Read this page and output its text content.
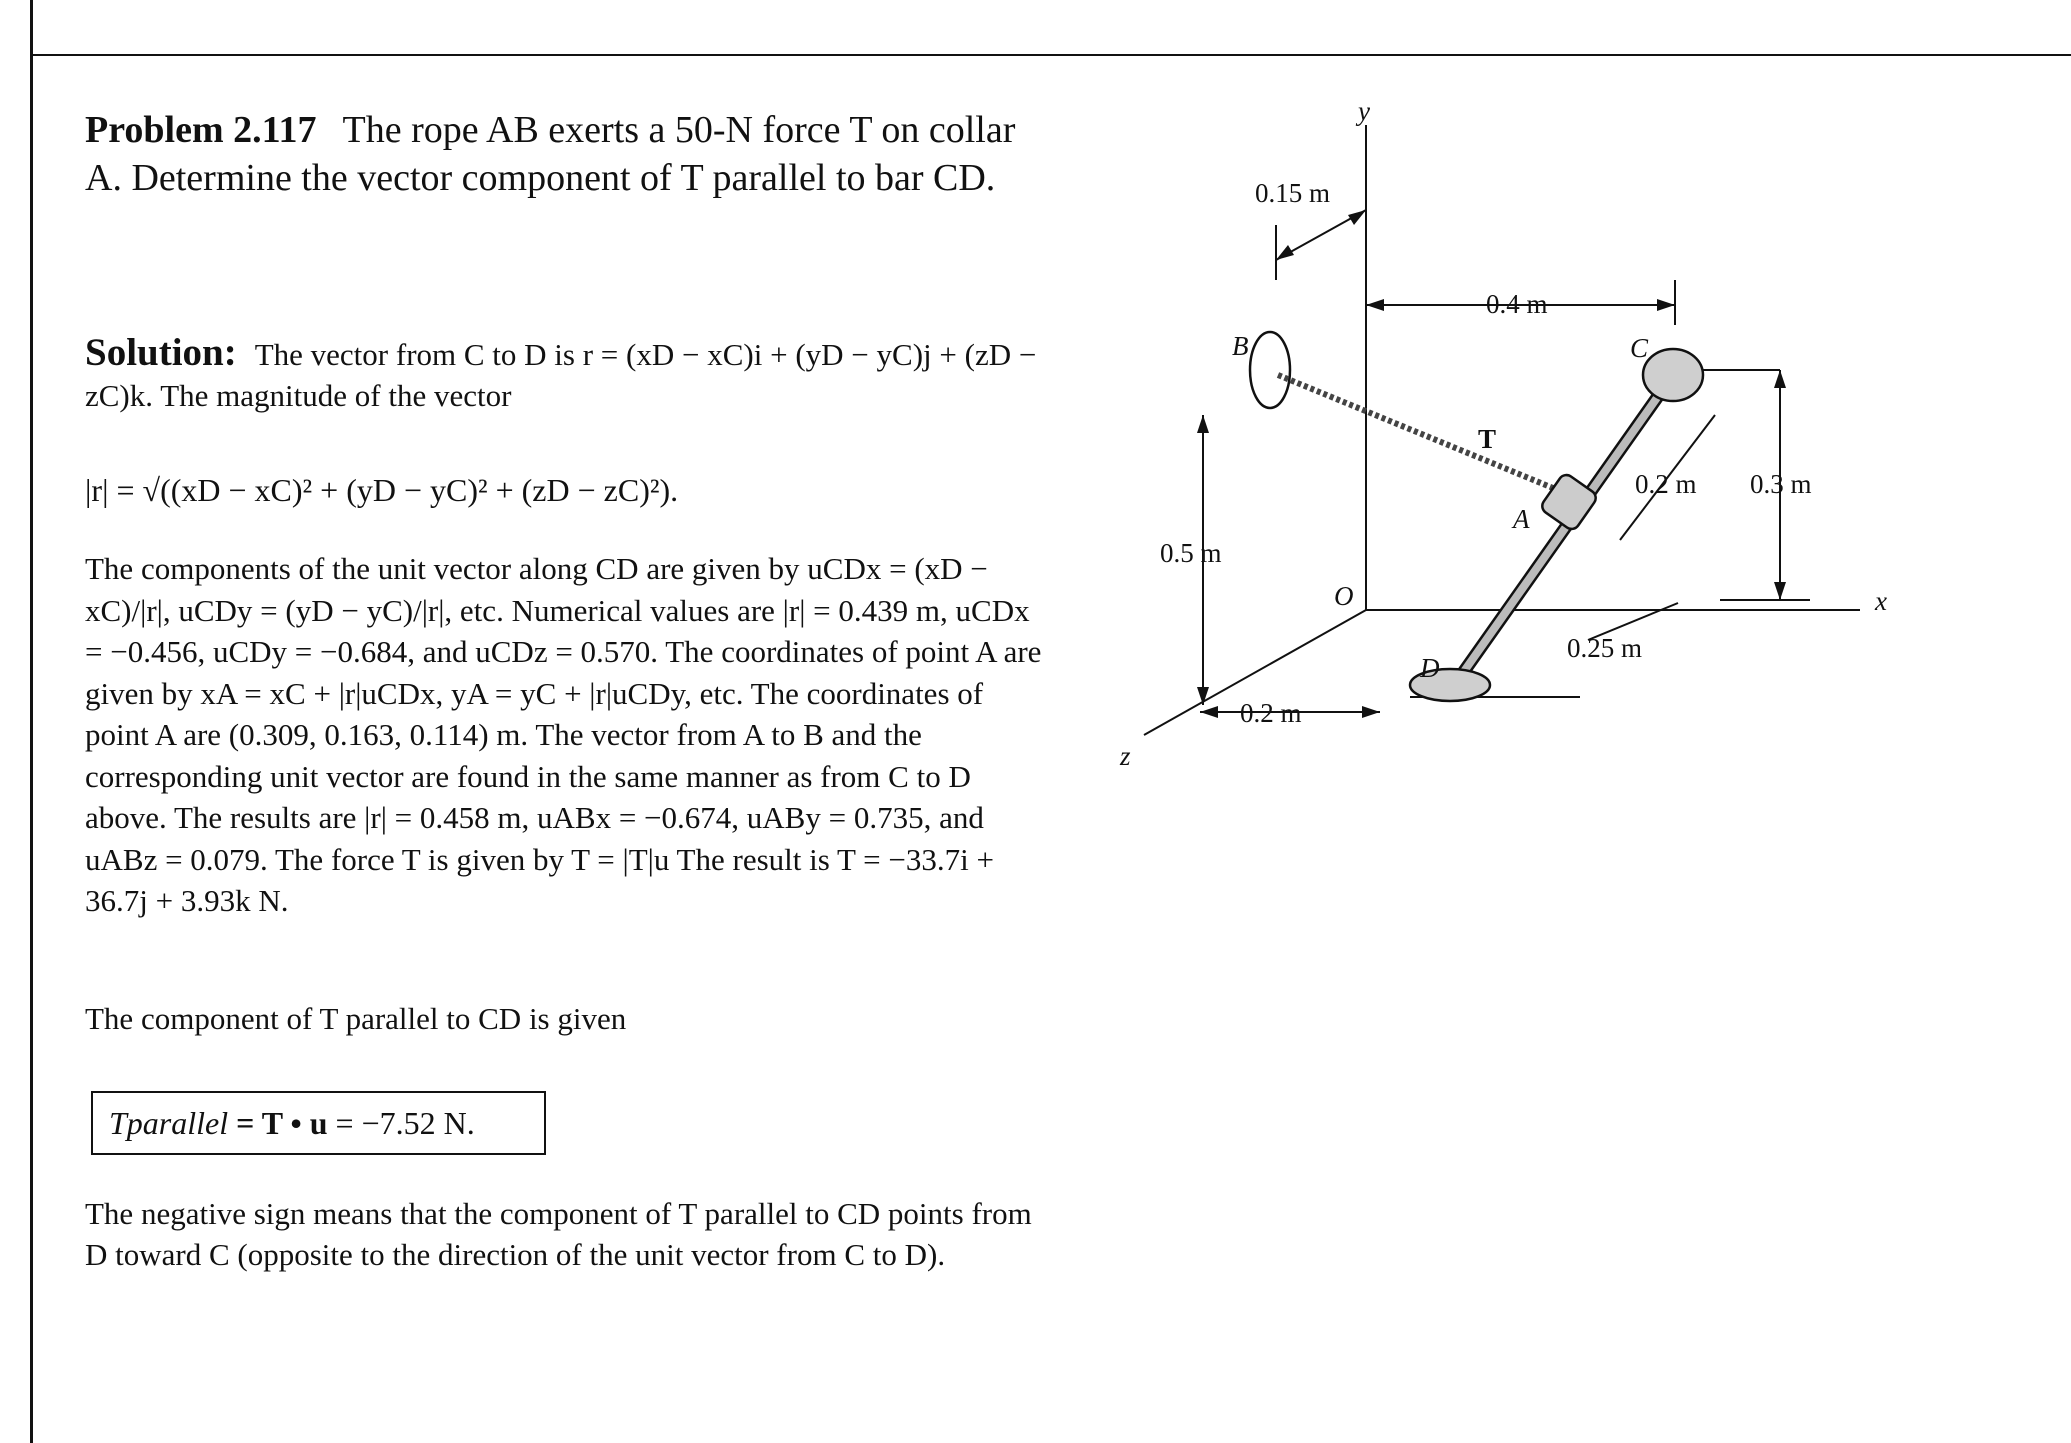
Problem 2.117 The rope AB exerts a 50-N force T on collar A. Determine the vector component of T parallel to bar CD.
Solution: The vector from C to D is r = (xD − xC)i + (yD − yC)j + (zD − zC)k. The magnitude of the vector
|r| = √((xD − xC)² + (yD − yC)² + (zD − zC)²).
The components of the unit vector along CD are given by uCDx = (xD − xC)/|r|, uCDy = (yD − yC)/|r|, etc. Numerical values are |r| = 0.439 m, uCDx = −0.456, uCDy = −0.684, and uCDz = 0.570. The coordinates of point A are given by xA = xC + |r|uCDx, yA = yC + |r|uCDy, etc. The coordinates of point A are (0.309, 0.163, 0.114) m. The vector from A to B and the corresponding unit vector are found in the same manner as from C to D above. The results are |r| = 0.458 m, uABx = −0.674, uABy = 0.735, and uABz = 0.079. The force T is given by T = |T|u The result is T = −33.7i + 36.7j + 3.93k N.
The component of T parallel to CD is given
Tparallel = T • u = −7.52 N.
The negative sign means that the component of T parallel to CD points from D toward C (opposite to the direction of the unit vector from C to D).
y
x
z
O
B	C
A
D
T
0.15 m
0.4 m
0.5 m
0.2 m 0.3 m
0.25 m
0.2 m
